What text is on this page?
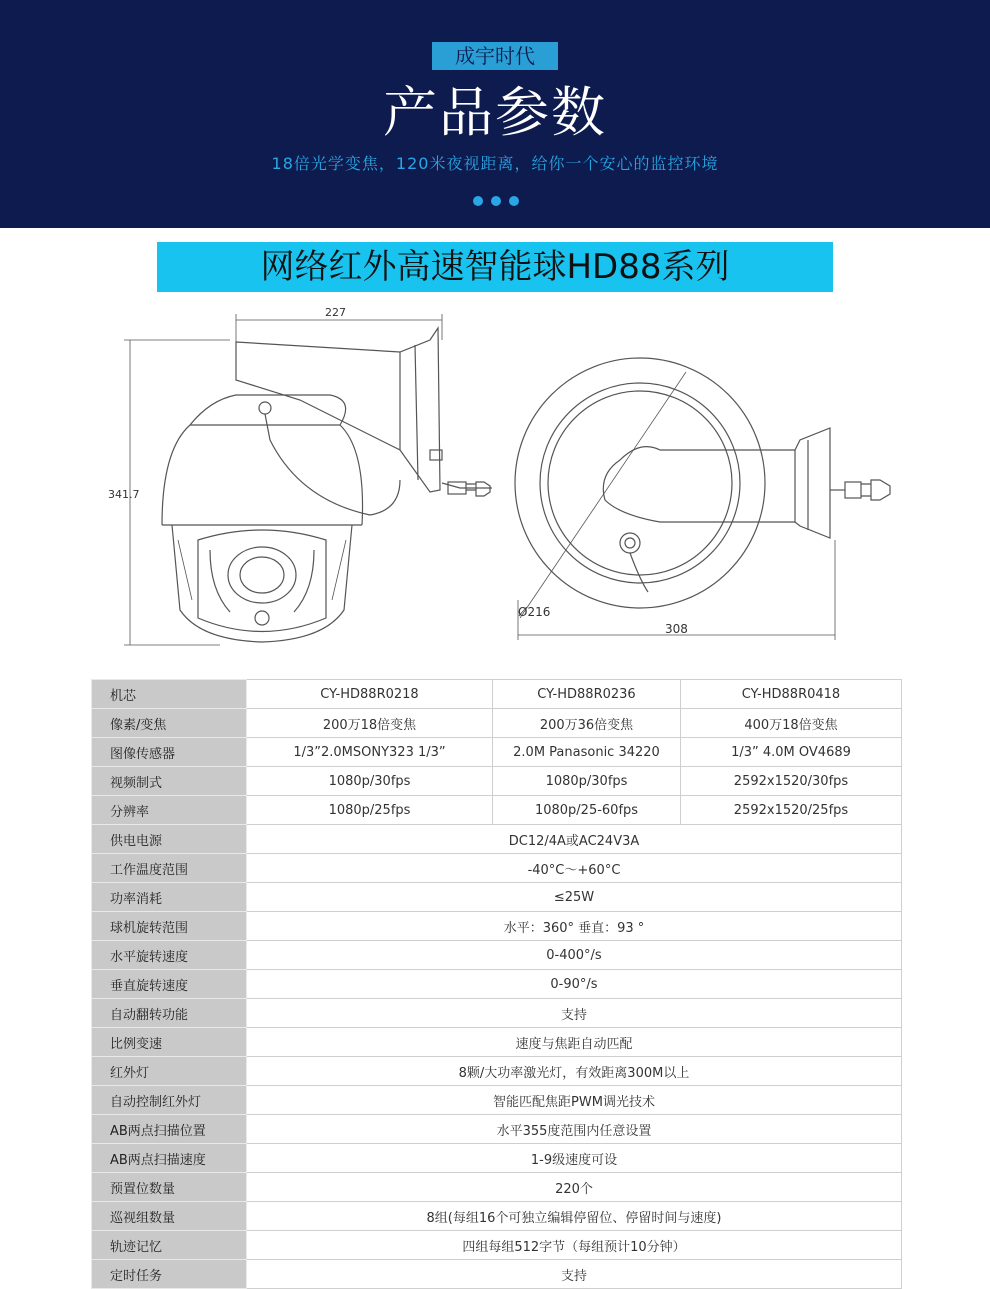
成宇时代
产品参数
18倍光学变焦，120米夜视距离，给你一个安心的监控环境
网络红外高速智能球HD88系列
227
341.7
Ø216
308
机芯	CY-HD88R0218	CY-HD88R0236	CY-HD88R0418
像素/变焦	200万18倍变焦	200万36倍变焦	400万18倍变焦
图像传感器	1/3”2.0MSONY323 1/3”	2.0M Panasonic 34220	1/3” 4.0M OV4689
视频制式	1080p/30fps	1080p/30fps	2592x1520/30fps
分辨率	1080p/25fps	1080p/25-60fps	2592x1520/25fps
供电电源	DC12/4A或AC24V3A		
工作温度范围	-40°C～+60°C		
功率消耗	≤25W		
球机旋转范围	水平：360° 垂直：93 °		
水平旋转速度	0-400°/s		
垂直旋转速度	0-90°/s		
自动翻转功能	支持		
比例变速	速度与焦距自动匹配		
红外灯	8颗/大功率激光灯，有效距离300M以上		
自动控制红外灯	智能匹配焦距PWM调光技术		
AB两点扫描位置	水平355度范围内任意设置		
AB两点扫描速度	1-9级速度可设		
预置位数量	220个		
巡视组数量	8组(每组16个可独立编辑停留位、停留时间与速度)		
轨迹记忆	四组每组512字节（每组预计10分钟）		
定时任务	支持		
